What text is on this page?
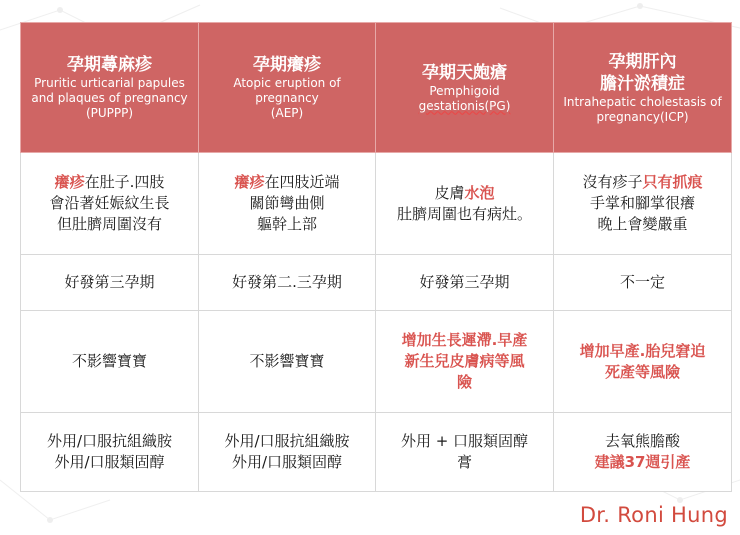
孕期蕁麻疹
Pruritic urticarial papules
and plaques of pregnancy
(PUPPP)	孕期癢疹
Atopic eruption of
pregnancy
(AEP)	孕期天皰瘡
Pemphigoid
gestationis(PG)	孕期肝內
膽汁淤積症
Intrahepatic cholestasis of
pregnancy(ICP)

癢疹在肚子.四肢
會沿著妊娠紋生長
但肚臍周圍沒有	癢疹在四肢近端
關節彎曲側
軀幹上部	皮膚水泡
肚臍周圍也有病灶。	沒有疹子只有抓痕
手掌和腳掌很癢
晚上會變嚴重

好發第三孕期	好發第二.三孕期	好發第三孕期	不一定
不影響寶寶	不影響寶寶	增加生長遲滯.早產
新生兒皮膚病等風
險	增加早產.胎兒窘迫
死產等風險

外用/口服抗組織胺
外用/口服類固醇	外用/口服抗組織胺
外用/口服類固醇	外用 + 口服類固醇
膏	去氧熊膽酸
建議37週引產
Dr. Roni Hung
